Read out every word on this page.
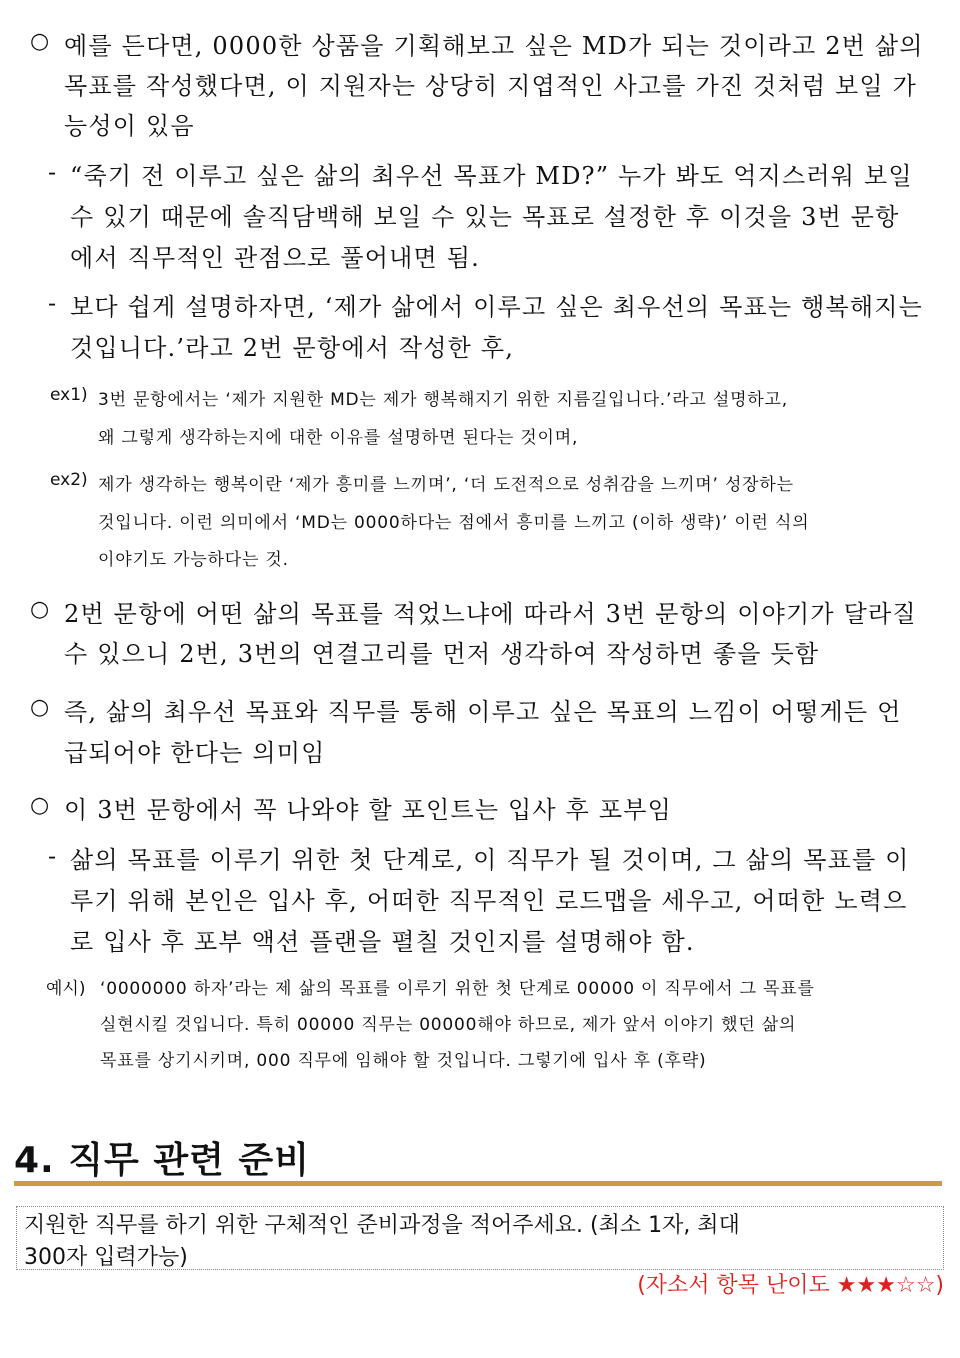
○ 예를 든다면, 0000한 상품을 기획해보고 싶은 MD가 되는 것이라고 2번 삶의
목표를 작성했다면, 이 지원자는 상당히 지엽적인 사고를 가진 것처럼 보일 가
능성이 있음
- “죽기 전 이루고 싶은 삶의 최우선 목표가 MD?” 누가 봐도 억지스러워 보일
수 있기 때문에 솔직담백해 보일 수 있는 목표로 설정한 후 이것을 3번 문항
에서 직무적인 관점으로 풀어내면 됨.
- 보다 쉽게 설명하자면, ‘제가 삶에서 이루고 싶은 최우선의 목표는 행복해지는
것입니다.’라고 2번 문항에서 작성한 후,
ex1) 3번 문항에서는 ‘제가 지원한 MD는 제가 행복해지기 위한 지름길입니다.’라고 설명하고,
왜 그렇게 생각하는지에 대한 이유를 설명하면 된다는 것이며,
ex2) 제가 생각하는 행복이란 ‘제가 흥미를 느끼며’, ‘더 도전적으로 성취감을 느끼며’ 성장하는
것입니다. 이런 의미에서 ‘MD는 0000하다는 점에서 흥미를 느끼고 (이하 생략)’ 이런 식의
이야기도 가능하다는 것.
○ 2번 문항에 어떤 삶의 목표를 적었느냐에 따라서 3번 문항의 이야기가 달라질
수 있으니 2번, 3번의 연결고리를 먼저 생각하여 작성하면 좋을 듯함
○ 즉, 삶의 최우선 목표와 직무를 통해 이루고 싶은 목표의 느낌이 어떻게든 언
급되어야 한다는 의미임
○ 이 3번 문항에서 꼭 나와야 할 포인트는 입사 후 포부임
- 삶의 목표를 이루기 위한 첫 단계로, 이 직무가 될 것이며, 그 삶의 목표를 이
루기 위해 본인은 입사 후, 어떠한 직무적인 로드맵을 세우고, 어떠한 노력으
로 입사 후 포부 액션 플랜을 펼칠 것인지를 설명해야 함.
예시) ‘0000000 하자’라는 제 삶의 목표를 이루기 위한 첫 단계로 00000 이 직무에서 그 목표를
실현시킬 것입니다. 특히 00000 직무는 00000해야 하므로, 제가 앞서 이야기 했던 삶의
목표를 상기시키며, 000 직무에 임해야 할 것입니다. 그렇기에 입사 후 (후략)
4. 직무 관련 준비
지원한 직무를 하기 위한 구체적인 준비과정을 적어주세요. (최소 1자, 최대
300자 입력가능)
(자소서 항목 난이도 ★★★☆☆)
